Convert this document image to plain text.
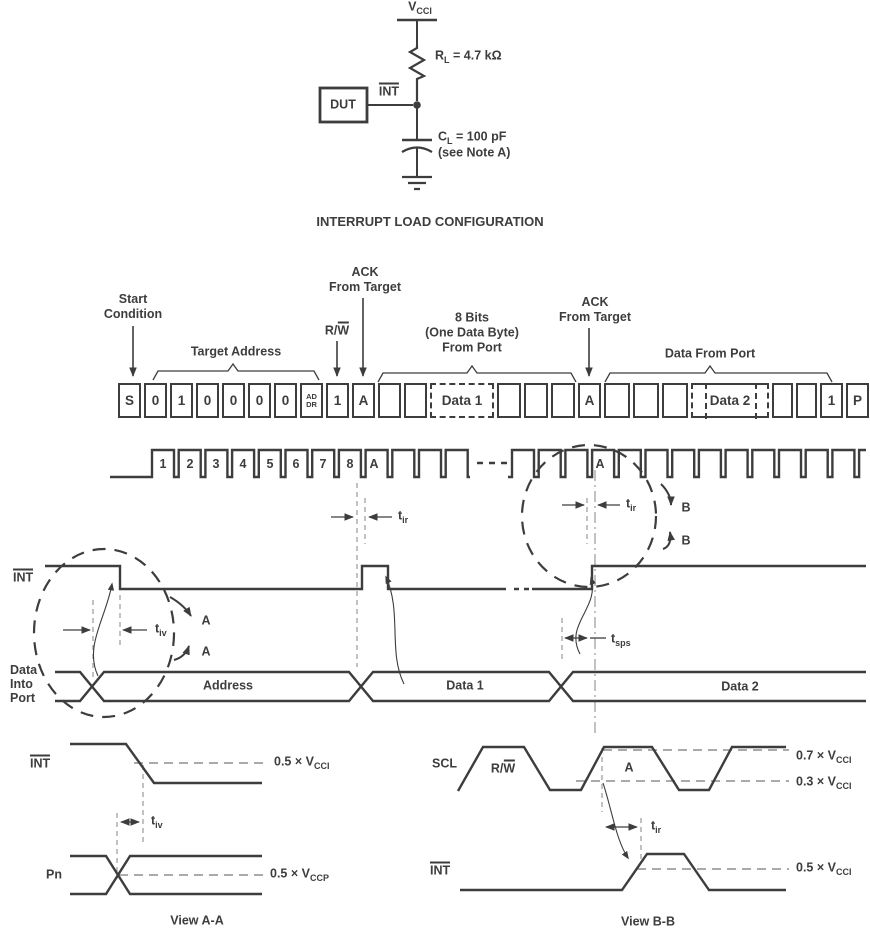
$V_{CCI}$
$R_L = 4.7$ kΩ
DUT
INT
$C_L = 100$ pF
(see Note A)
INTERRUPT LOAD CONFIGURATION
Start
Condition
Target Address
R/W
ACK
From Target
8 Bits
(One Data Byte)
From Port
ACK
From Target
Data From Port
S 0 1 0 0 0 0 AD
DR 1 A	Data 1	A	Data 2	1 P
1 2 3 4 5 6 7 8 A	A
INT
Data
Into
Port
Address	Data 1	Data 2
$t_{ir}$
$t_{ir}$
$t_{iv}$	$t_{sps}$
A
A
B
B
INT	$0.5 \times V_{CCI}$
$t_{iv}$
Pn	$0.5 \times V_{CCP}$
View A-A
SCL	R/W	A
$0.7 \times V_{CCI}$
$0.3 \times V_{CCI}$
$t_{ir}$
INT	$0.5 \times V_{CCI}$
View B-B
